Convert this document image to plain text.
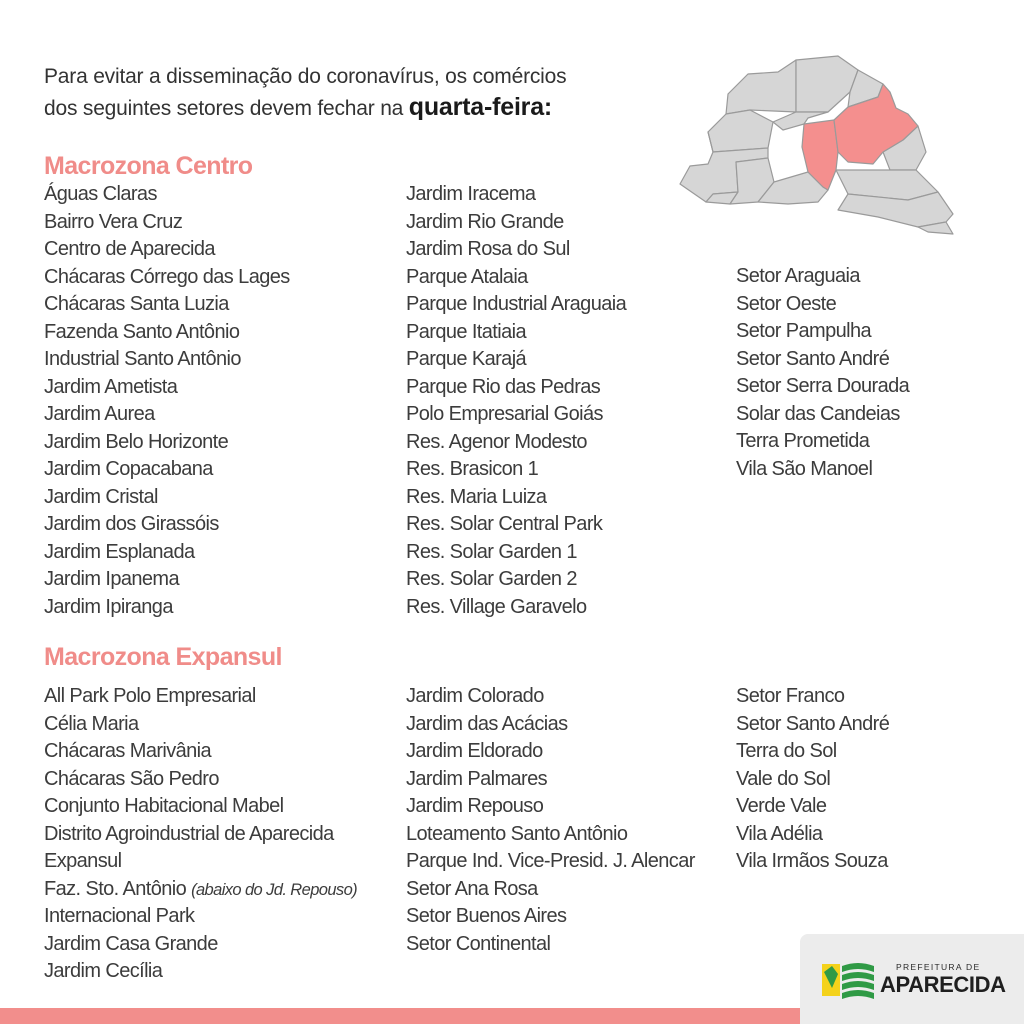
Para evitar a disseminação do coronavírus, os comércios
dos seguintes setores devem fechar na quarta-feira:
Macrozona Centro
Águas Claras
Bairro Vera Cruz
Centro de Aparecida
Chácaras Córrego das Lages
Chácaras Santa Luzia
Fazenda Santo Antônio
Industrial Santo Antônio
Jardim Ametista
Jardim Aurea
Jardim Belo Horizonte
Jardim Copacabana
Jardim Cristal
Jardim dos Girassóis
Jardim Esplanada
Jardim Ipanema
Jardim Ipiranga
Jardim Iracema
Jardim Rio Grande
Jardim Rosa do Sul
Parque Atalaia
Parque Industrial Araguaia
Parque Itatiaia
Parque Karajá
Parque Rio das Pedras
Polo Empresarial Goiás
Res. Agenor Modesto
Res. Brasicon 1
Res. Maria Luiza
Res. Solar Central Park
Res. Solar Garden 1
Res. Solar Garden 2
Res. Village Garavelo
Setor Araguaia
Setor Oeste
Setor Pampulha
Setor Santo André
Setor Serra Dourada
Solar das Candeias
Terra Prometida
Vila São Manoel
Macrozona Expansul
All Park Polo Empresarial
Célia Maria
Chácaras Marivânia
Chácaras São Pedro
Conjunto Habitacional Mabel
Distrito Agroindustrial de Aparecida
Expansul
Faz. Sto. Antônio (abaixo do Jd. Repouso)
Internacional Park
Jardim Casa Grande
Jardim Cecília
Jardim Colorado
Jardim das Acácias
Jardim Eldorado
Jardim Palmares
Jardim Repouso
Loteamento Santo Antônio
Parque Ind. Vice-Presid. J. Alencar
Setor Ana Rosa
Setor Buenos Aires
Setor Continental
Setor Franco
Setor Santo André
Terra do Sol
Vale do Sol
Verde Vale
Vila Adélia
Vila Irmãos Souza
PREFEITURA DE
APARECIDA
